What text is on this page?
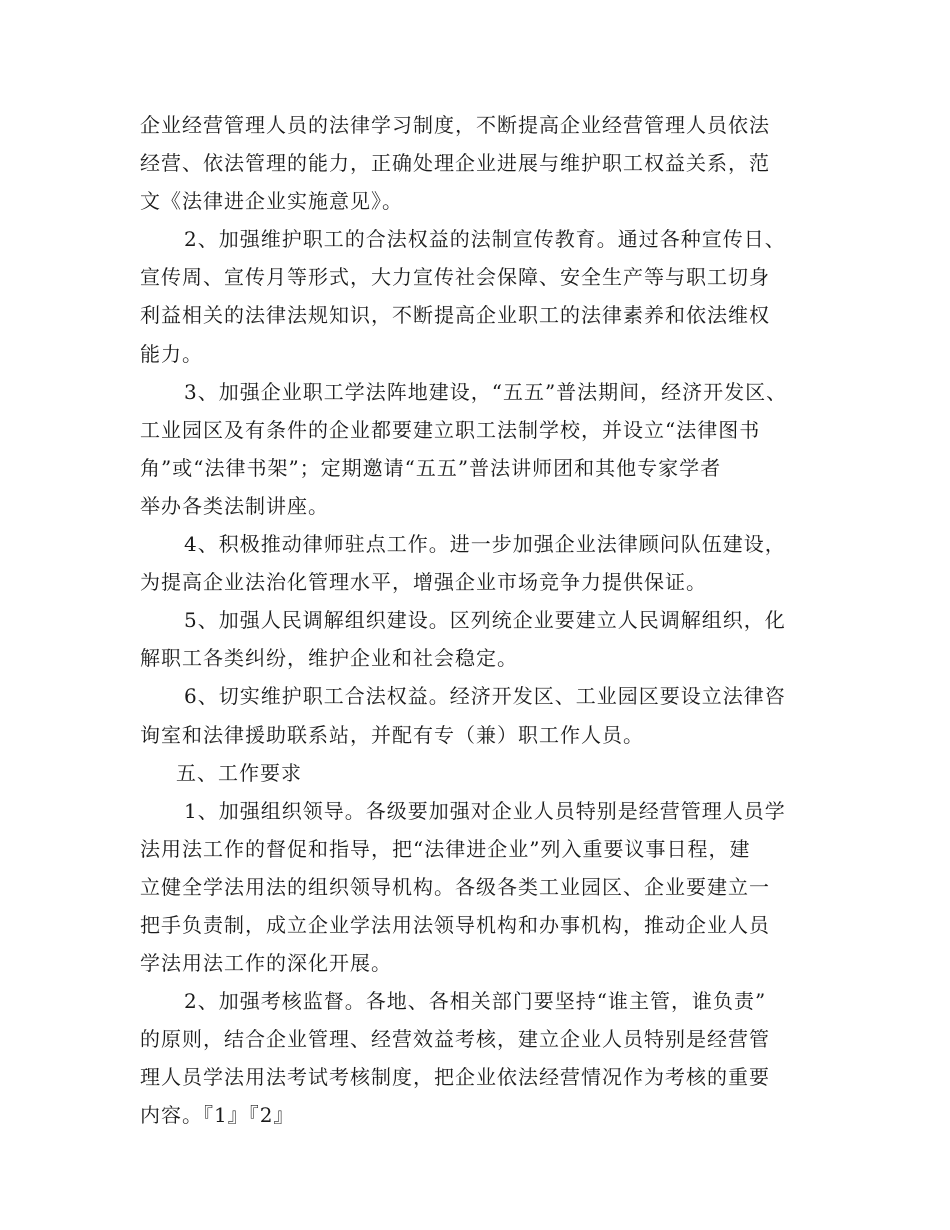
企业经营管理人员的法律学习制度，不断提高企业经营管理人员依法
经营、依法管理的能力，正确处理企业进展与维护职工权益关系，范
文《法律进企业实施意见》。
2、加强维护职工的合法权益的法制宣传教育。通过各种宣传日、
宣传周、宣传月等形式，大力宣传社会保障、安全生产等与职工切身
利益相关的法律法规知识，不断提高企业职工的法律素养和依法维权
能力。
3、加强企业职工学法阵地建设，“五五”普法期间，经济开发区、
工业园区及有条件的企业都要建立职工法制学校，并设立“法律图书
角”或“法律书架”；定期邀请“五五”普法讲师团和其他专家学者
举办各类法制讲座。
4、积极推动律师驻点工作。进一步加强企业法律顾问队伍建设，
为提高企业法治化管理水平，增强企业市场竞争力提供保证。
5、加强人民调解组织建设。区列统企业要建立人民调解组织，化
解职工各类纠纷，维护企业和社会稳定。
6、切实维护职工合法权益。经济开发区、工业园区要设立法律咨
询室和法律援助联系站，并配有专（兼）职工作人员。
五、工作要求
1、加强组织领导。各级要加强对企业人员特别是经营管理人员学
法用法工作的督促和指导，把“法律进企业”列入重要议事日程，建
立健全学法用法的组织领导机构。各级各类工业园区、企业要建立一
把手负责制，成立企业学法用法领导机构和办事机构，推动企业人员
学法用法工作的深化开展。
2、加强考核监督。各地、各相关部门要坚持“谁主管，谁负责”
的原则，结合企业管理、经营效益考核，建立企业人员特别是经营管
理人员学法用法考试考核制度，把企业依法经营情况作为考核的重要
内容。『1』『2』
